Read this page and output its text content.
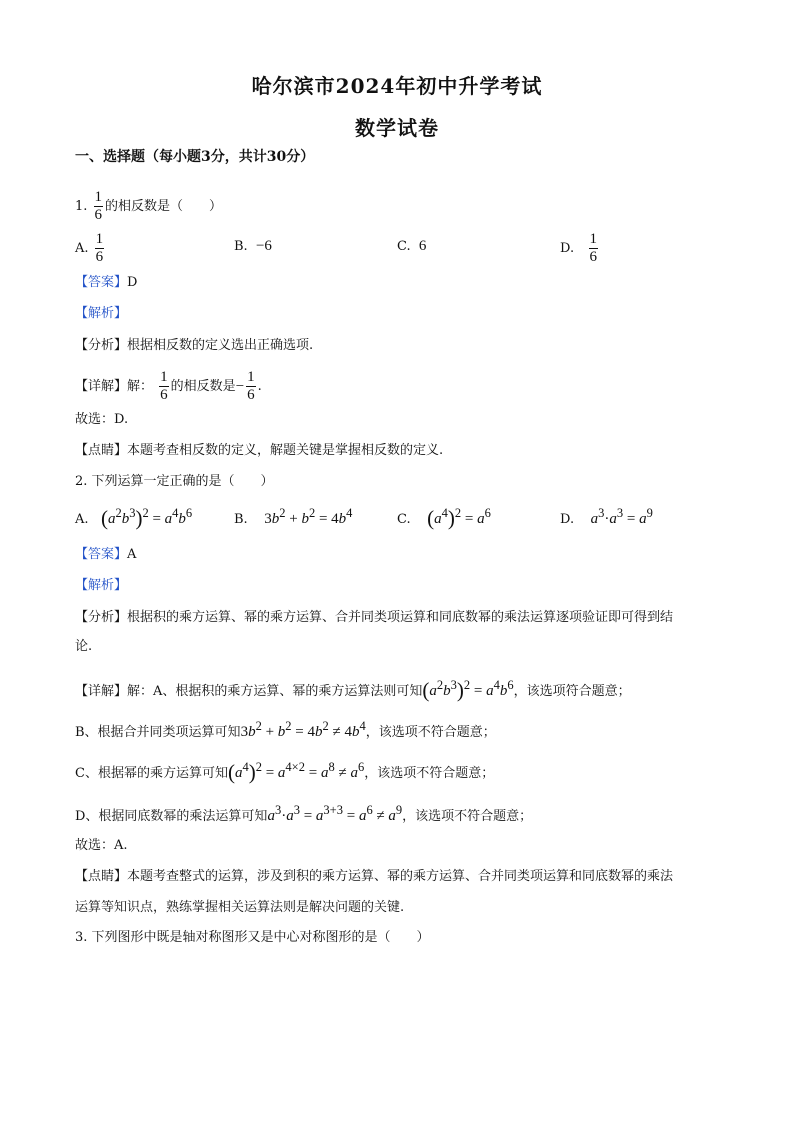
哈尔滨市2024年初中升学考试
数学试卷
一、选择题（每小题3分，共计30分）
1. $\frac{1}{6}$ 的相反数是（　　）
A. $\frac{1}{6}$	B. −6	C. 6	D. $\frac{1}{6}$
【答案】D
【解析】
【分析】根据相反数的定义选出正确选项.
【详解】解： $\frac{1}{6}$ 的相反数是− $\frac{1}{6}$ .
故选：D.
【点睛】本题考查相反数的定义，解题关键是掌握相反数的定义.
2. 下列运算一定正确的是（　　）
A. $(a^2b^3)^2 = a^4b^6$	B. $3b^2 + b^2 = 4b^4$	C. $(a^4)^2 = a^6$	D. $a^3\cdot a^3 = a^9$
【答案】A
【解析】
【分析】根据积的乘方运算、幂的乘方运算、合并同类项运算和同底数幂的乘法运算逐项验证即可得到结
论.
【详解】解：A、根据积的乘方运算、幂的乘方运算法则可知$(a^2b^3)^2 = a^4b^6$，该选项符合题意；
B、根据合并同类项运算可知$3b^2 + b^2 = 4b^2 \ne 4b^4$，该选项不符合题意；
C、根据幂的乘方运算可知$(a^4)^2 = a^{4\times 2} = a^8 \ne a^6$，该选项不符合题意；
D、根据同底数幂的乘法运算可知$a^3\cdot a^3 = a^{3+3} = a^6 \ne a^9$，该选项不符合题意；
故选：A.
【点睛】本题考查整式的运算，涉及到积的乘方运算、幂的乘方运算、合并同类项运算和同底数幂的乘法
运算等知识点，熟练掌握相关运算法则是解决问题的关键.
3. 下列图形中既是轴对称图形又是中心对称图形的是（　　）
